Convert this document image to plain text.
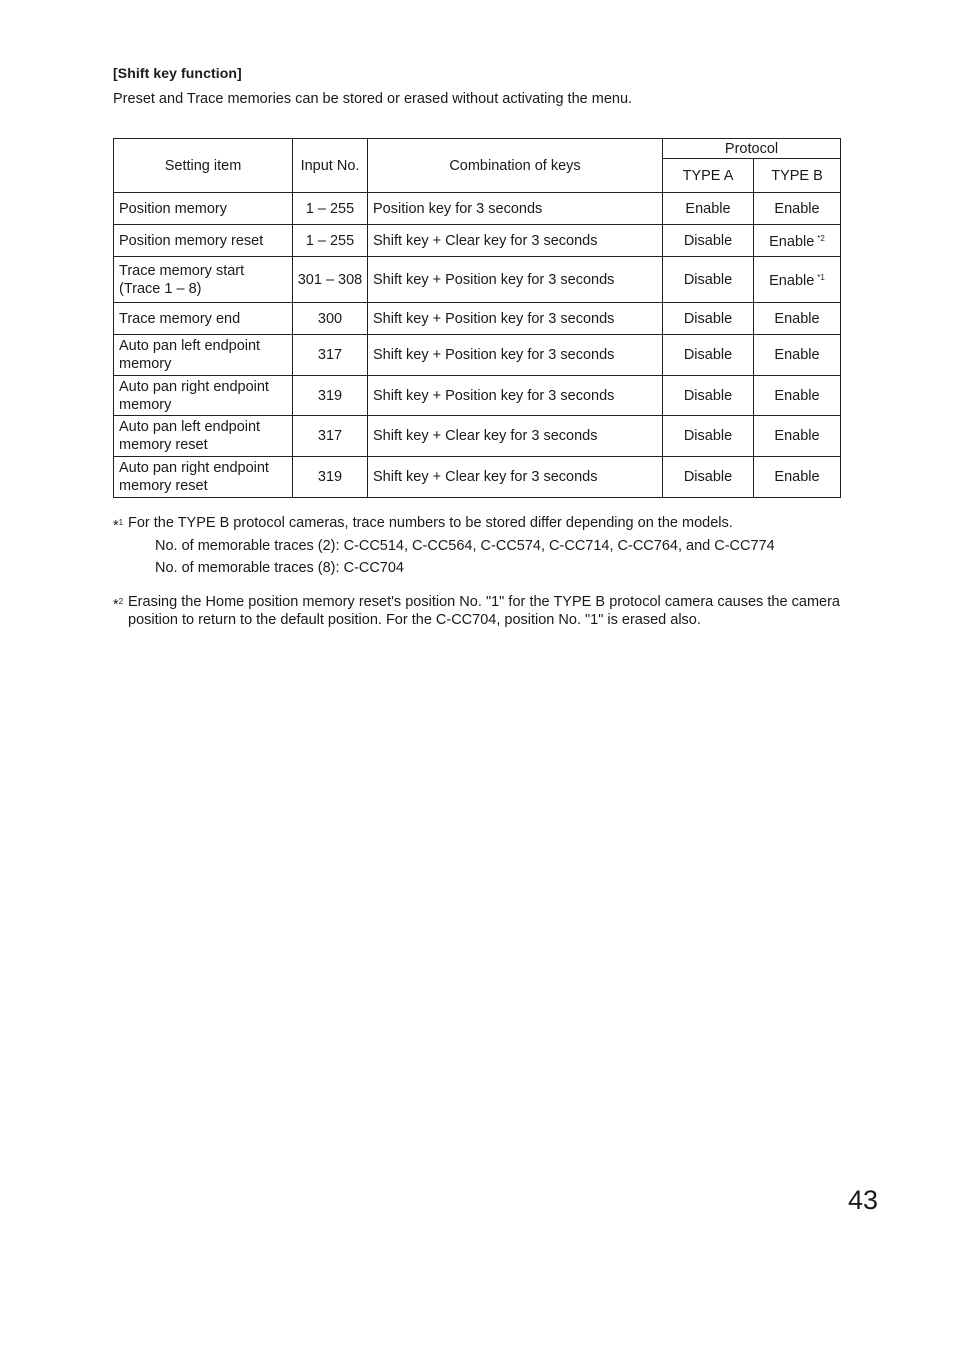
[Shift key function]
Preset and Trace memories can be stored or erased without activating the menu.
Setting item	Input No.	Combination of keys	Protocol	
			TYPE A	TYPE B
Position memory	1 – 255	Position key for 3 seconds	Enable	Enable
Position memory reset	1 – 255	Shift key + Clear key for 3 seconds	Disable	Enable $^{*2}$
Trace memory start
(Trace 1 – 8)	301 – 308	Shift key + Position key for 3 seconds	Disable	Enable $^{*1}$
Trace memory end	300	Shift key + Position key for 3 seconds	Disable	Enable
Auto pan left endpoint
memory	317	Shift key + Position key for 3 seconds	Disable	Enable
Auto pan right endpoint
memory	319	Shift key + Position key for 3 seconds	Disable	Enable
Auto pan left endpoint
memory reset	317	Shift key + Clear key for 3 seconds	Disable	Enable
Auto pan right endpoint
memory reset	319	Shift key + Clear key for 3 seconds	Disable	Enable
*$^1$ For the TYPE B protocol cameras, trace numbers to be stored differ depending on the models.
No. of memorable traces (2): C-CC514, C-CC564, C-CC574, C-CC714, C-CC764, and C-CC774
No. of memorable traces (8): C-CC704
*$^2$ Erasing the Home position memory reset's position No. "1" for the TYPE B protocol camera causes the camera position to return to the default position. For the C-CC704, position No. "1" is erased also.
43
